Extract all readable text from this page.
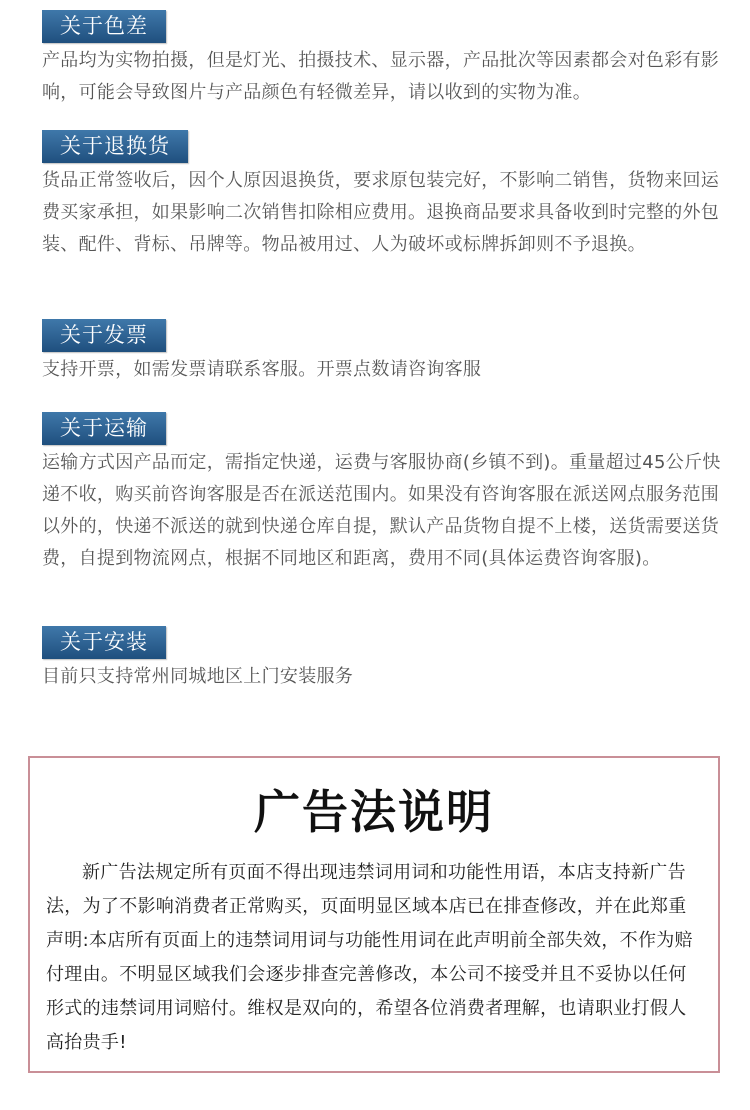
关于色差
产品均为实物拍摄，但是灯光、拍摄技术、显示器，产品批次等因素都会对色彩有影响，可能会导致图片与产品颜色有轻微差异，请以收到的实物为准。
关于退换货
货品正常签收后，因个人原因退换货，要求原包装完好，不影响二销售，货物来回运费买家承担，如果影响二次销售扣除相应费用。退换商品要求具备收到时完整的外包装、配件、背标、吊牌等。物品被用过、人为破坏或标牌拆卸则不予退换。
关于发票
支持开票，如需发票请联系客服。开票点数请咨询客服
关于运输
运输方式因产品而定，需指定快递，运费与客服协商(乡镇不到)。重量超过45公斤快递不收，购买前咨询客服是否在派送范围内。如果没有咨询客服在派送网点服务范围以外的，快递不派送的就到快递仓库自提，默认产品货物自提不上楼，送货需要送货费，自提到物流网点，根据不同地区和距离，费用不同(具体运费咨询客服)。
关于安装
目前只支持常州同城地区上门安装服务
广告法说明
新广告法规定所有页面不得出现违禁词用词和功能性用语，本店支持新广告法，为了不影响消费者正常购买，页面明显区域本店已在排查修改，并在此郑重声明:本店所有页面上的违禁词用词与功能性用词在此声明前全部失效，不作为赔付理由。不明显区域我们会逐步排查完善修改，本公司不接受并且不妥协以任何形式的违禁词用词赔付。维权是双向的，希望各位消费者理解，也请职业打假人高抬贵手!
